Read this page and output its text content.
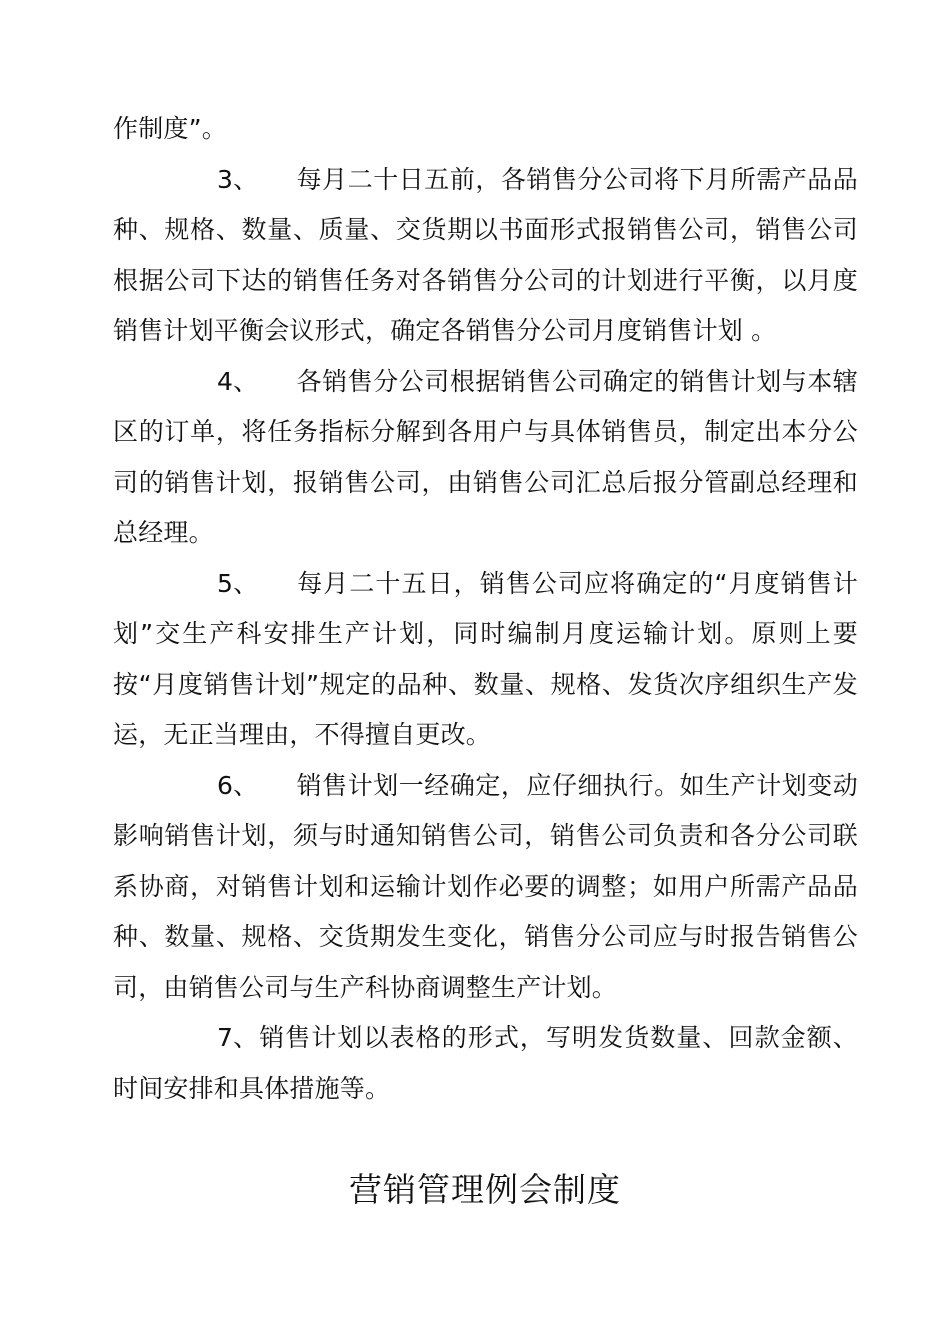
作制度”。

3、 每月二十日五前，各销售分公司将下月所需产品品种、规格、数量、质量、交货期以书面形式报销售公司，销售公司根据公司下达的销售任务对各销售分公司的计划进行平衡，以月度销售计划平衡会议形式，确定各销售分公司月度销售计划 。

4、 各销售分公司根据销售公司确定的销售计划与本辖区的订单，将任务指标分解到各用户与具体销售员，制定出本分公司的销售计划，报销售公司，由销售公司汇总后报分管副总经理和总经理。

5、 每月二十五日，销售公司应将确定的“月度销售计划”交生产科安排生产计划，同时编制月度运输计划。原则上要按“月度销售计划”规定的品种、数量、规格、发货次序组织生产发运，无正当理由，不得擅自更改。

6、 销售计划一经确定，应仔细执行。如生产计划变动影响销售计划，须与时通知销售公司，销售公司负责和各分公司联系协商，对销售计划和运输计划作必要的调整；如用户所需产品品种、数量、规格、交货期发生变化，销售分公司应与时报告销售公司，由销售公司与生产科协商调整生产计划。

7、销售计划以表格的形式，写明发货数量、回款金额、时间安排和具体措施等。

营销管理例会制度
